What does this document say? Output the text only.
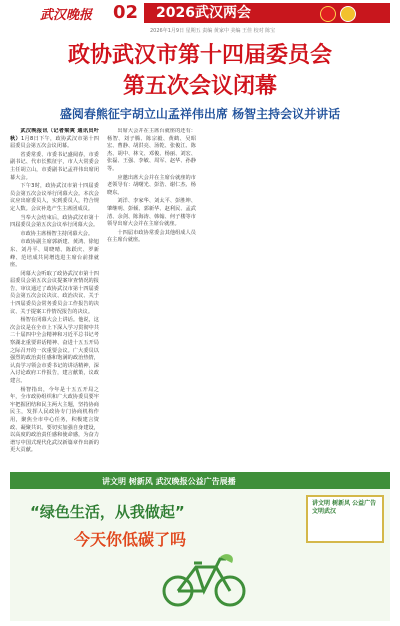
武汉晚报 02 2026武汉两会
2026年1月9日 星期五 责编 黄家中 美编 王佳 校对 陈宝
政协武汉市第十四届委员会
第五次会议闭幕
盛阅春熊征宇胡立山孟祥伟出席 杨智主持会议并讲话

武汉晚报讯（记者梁爽 通讯员叶秋）1月8日下午，政协武汉市第十四届委员会第五次会议闭幕。

省委常委、市委书记盛阅春，市委副书记、代市长熊征宇，市人大常委会主任胡立山，市委副书记孟祥伟出席闭幕大会。

下午3时，政协武汉市第十四届委员会第五次会议举行闭幕大会。本次会议应出席委员人，实到委员人，符合规定人数。会议补选产生主席团成员。

当奉大会结束后，政协武汉市第十四届委员会第五次会议举行闭幕大会。

市政协主席杨智主持闭幕大会。

市政协副主席郭新建、黄鸿、徐旭东、刘丹平、周晓晴、陈跃庆、罗新峰、范培成共同增选进主席台前排就座。

闭幕大会听取了政协武汉市第十四届委员会第五次会议提案审查情况的报告，审议通过了政协武汉市第十四届委员会第五次会议决议、政治决议、关于十四届委员会常务委员会工作报告的决议、关于提案工作情况报告的决议。

杨智在闭幕大会上讲话。他说，这次会议是在全市上下深入学习贯彻中共二十届四中全会精神和习近平总书记考察湖北重要讲话精神、奋进十五五开局之际召开的一次重要会议。广大委员以强烈的政治责任感和饱满的政治热情，认真学习领会市委书记的讲话精神，深入讨论政府工作报告，建言献策，议政建言。

杨智指出，今年是十五五开局之年，全市政协组织和广大政协委员要牢牢把握团结和民主两大主题，坚持协商民主，发挥人民政协专门协商机构作用，聚焦全市中心任务，积极建言资政、凝聚共识。要切实加强自身建设，以高度的政治责任感和使命感，为奋力谱写中国式现代化武汉新篇章作出新的更大贡献。

出席大会并在主席台就座的还有：杨智、刘子腾、陈宗毅、黄鹤、吴昭宏、曹静、胡洪亮、汤乾、张俊江、陈杰、胡中、林文、邓俊、杨丽、刘宏、张磊、王强、李敏、周军、赵华、孙静等。

应邀出席大会并在主席台就座的市老领导有：胡曙光、彭浩、谢仁杰、杨晓东。

刘洋、李家华、刘太平、彭胜坤、肇继明、彭倾、郭新华、赵利民、孟武清、余剑、陈海涛、韩翰、何子楼等市领导出席大会并在主席台就座。

十四届市政协常委会其他组成人员在主席台就座。

讲文明 树新风 武汉晚报公益广告展播
“绿色生活，从我做起”
今天你低碳了吗
讲文明 树新风 公益广告 文明武汉
